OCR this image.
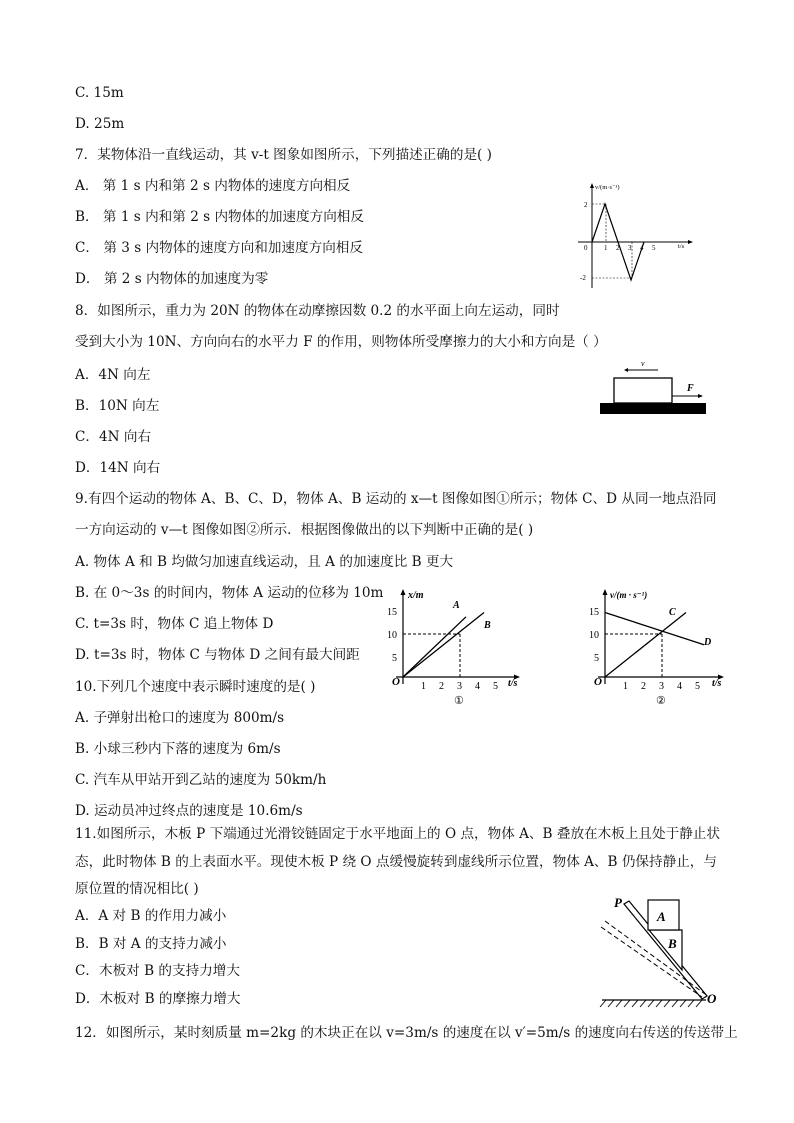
C. 15m
D. 25m
7．某物体沿一直线运动，其 v-t 图象如图所示，下列描述正确的是( )
A． 第 1 s 内和第 2 s 内物体的速度方向相反
B． 第 1 s 内和第 2 s 内物体的加速度方向相反
C． 第 3 s 内物体的速度方向和加速度方向相反
D． 第 2 s 内物体的加速度为零
8．如图所示，重力为 20N 的物体在动摩擦因数 0.2 的水平面上向左运动，同时
受到大小为 10N、方向向右的水平力 F 的作用，则物体所受摩擦力的大小和方向是（ ）
A．4N 向左
B．10N 向左
C．4N 向右
D．14N 向右
9.有四个运动的物体 A、B、C、D，物体 A、B 运动的 x—t 图像如图①所示；物体 C、D 从同一地点沿同
一方向运动的 v—t 图像如图②所示．根据图像做出的以下判断中正确的是( )
A. 物体 A 和 B 均做匀加速直线运动，且 A 的加速度比 B 更大
B. 在 0～3s 的时间内，物体 A 运动的位移为 10m
C. t=3s 时，物体 C 追上物体 D
D. t=3s 时，物体 C 与物体 D 之间有最大间距
10.下列几个速度中表示瞬时速度的是( )
A. 子弹射出枪口的速度为 800m/s
B. 小球三秒内下落的速度为 6m/s
C. 汽车从甲站开到乙站的速度为 50km/h
D. 运动员冲过终点的速度是 10.6m/s
11.如图所示，木板 P 下端通过光滑铰链固定于水平地面上的 O 点，物体 A、B 叠放在木板上且处于静止状
态，此时物体 B 的上表面水平。现使木板 P 绕 O 点缓慢旋转到虚线所示位置，物体 A、B 仍保持静止，与
原位置的情况相比( )
A．A 对 B 的作用力减小
B．B 对 A 的支持力减小
C．木板对 B 的支持力增大
D．木板对 B 的摩擦力增大
12．如图所示，某时刻质量 m=2kg 的木块正在以 v=3m/s 的速度在以 v′=5m/s 的速度向右传送的传送带上
v/(m·s⁻¹)
t/s
0
2
-2
1 2 3 4 5
v
F
x/m
t/s
O
5
10
15
1 2 3 4 5
A
B
①
v/(m · s⁻¹)
t/s
O
5
10
15
1 2 3 4 5
C
D
②
P
A
B
O
